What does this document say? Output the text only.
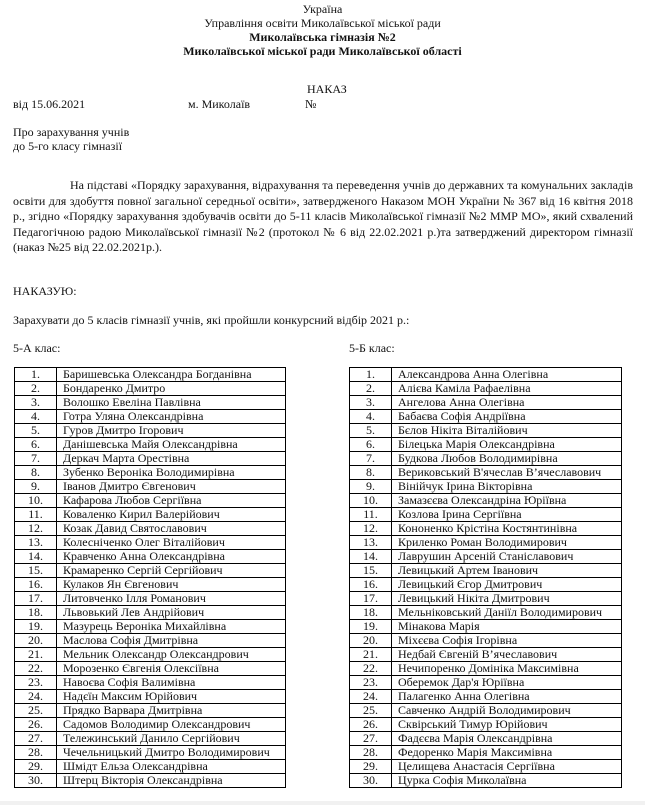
Україна
Управління освіти Миколаївської міської ради
Миколаївська гімназія №2
Миколаївської міської ради Миколаївської області
НАКАЗ
від 15.06.2021	м. Миколаїв	№
Про зарахування учнів
до 5-го класу гімназії
На підставі «Порядку зарахування, відрахування та переведення учнів до державних та комунальних закладів освіти для здобуття повної загальної середньої освіти», затвердженого Наказом МОН України № 367 від 16 квітня 2018 р., згідно «Порядку зарахування здобувачів освіти до 5-11 класів Миколаївської гімназії №2 ММР МО», який схвалений Педагогічною радою Миколаївської гімназії №2 (протокол № 6 від 22.02.2021 р.)та затверджений директором гімназії (наказ №25 від 22.02.2021р.).
НАКАЗУЮ:
Зарахувати до 5 класів гімназії учнів, які пройшли конкурсний відбір 2021 р.:
5-А клас:	5-Б клас:
1.	Баришевська Олександра Богданівна
2.	Бондаренко Дмитро
3.	Волошко Евеліна Павлівна
4.	Готра Уляна Олександрівна
5.	Гуров Дмитро Ігорович
6.	Данішевська Майя Олександрівна
7.	Деркач Марта Орестівна
8.	Зубенко Вероніка Володимирівна
9.	Іванов Дмитро Євгенович
10.	Кафарова Любов Сергіївна
11.	Коваленко Кирил Валерійович
12.	Козак Давид Святославович
13.	Колесніченко Олег Віталійович
14.	Кравченко Анна Олександрівна
15.	Крамаренко Сергій Сергійович
16.	Кулаков Ян Євгенович
17.	Литовченко Ілля Романович
18.	Львовький Лев Андрійович
19.	Мазурець Вероніка Михайлівна
20.	Маслова Софія Дмитрівна
21.	Мельник Олександр Олександрович
22.	Морозенко Євгенія Олексіївна
23.	Навоєва Софія Валимівна
24.	Надєїн Максим Юрійович
25.	Прядко Варвара Дмитрівна
26.	Садомов Володимир Олександрович
27.	Тележинський Данило Сергійович
28.	Чечельницький Дмитро Володимирович
29.	Шмідт Ельза Олександрівна
30.	Штерц Вікторія Олександрівна
1.	Александрова Анна Олегівна
2.	Алієва Каміла Рафаелівна
3.	Ангелова Анна Олегівна
4.	Бабаєва Софія Андріївна
5.	Бєлов Нікіта Віталійович
6.	Білецька Марія Олександрівна
7.	Будкова Любов Володимирівна
8.	Вериковський В'ячеслав В’ячеславович
9.	Вінійчук Ірина Вікторівна
10.	Замазєєва Олександріна Юріївна
11.	Козлова Ірина Сергіївна
12.	Кононенко Крістіна Костянтинівна
13.	Криленко Роман Володимирович
14.	Лаврушин Арсеній Станіславович
15.	Левицький Артем Іванович
16.	Левицький Єгор Дмитрович
17.	Левицький Нікіта Дмитрович
18.	Мельніковський Даніїл Володимирович
19.	Мінакова Марія
20.	Міхєєва Софія Ігорівна
21.	Недбай Євгеній В’ячеславович
22.	Нечипоренко Домініка Максимівна
23.	Оберемок Дар'я Юріївна
24.	Палагенко Анна Олегівна
25.	Савченко Андрій Володимирович
26.	Сквірський Тимур Юрійович
27.	Фадєєва Марія Олександрівна
28.	Федоренко Марія Максимівна
29.	Целищева Анастасія Сергіївна
30.	Цурка Софія Миколаївна
